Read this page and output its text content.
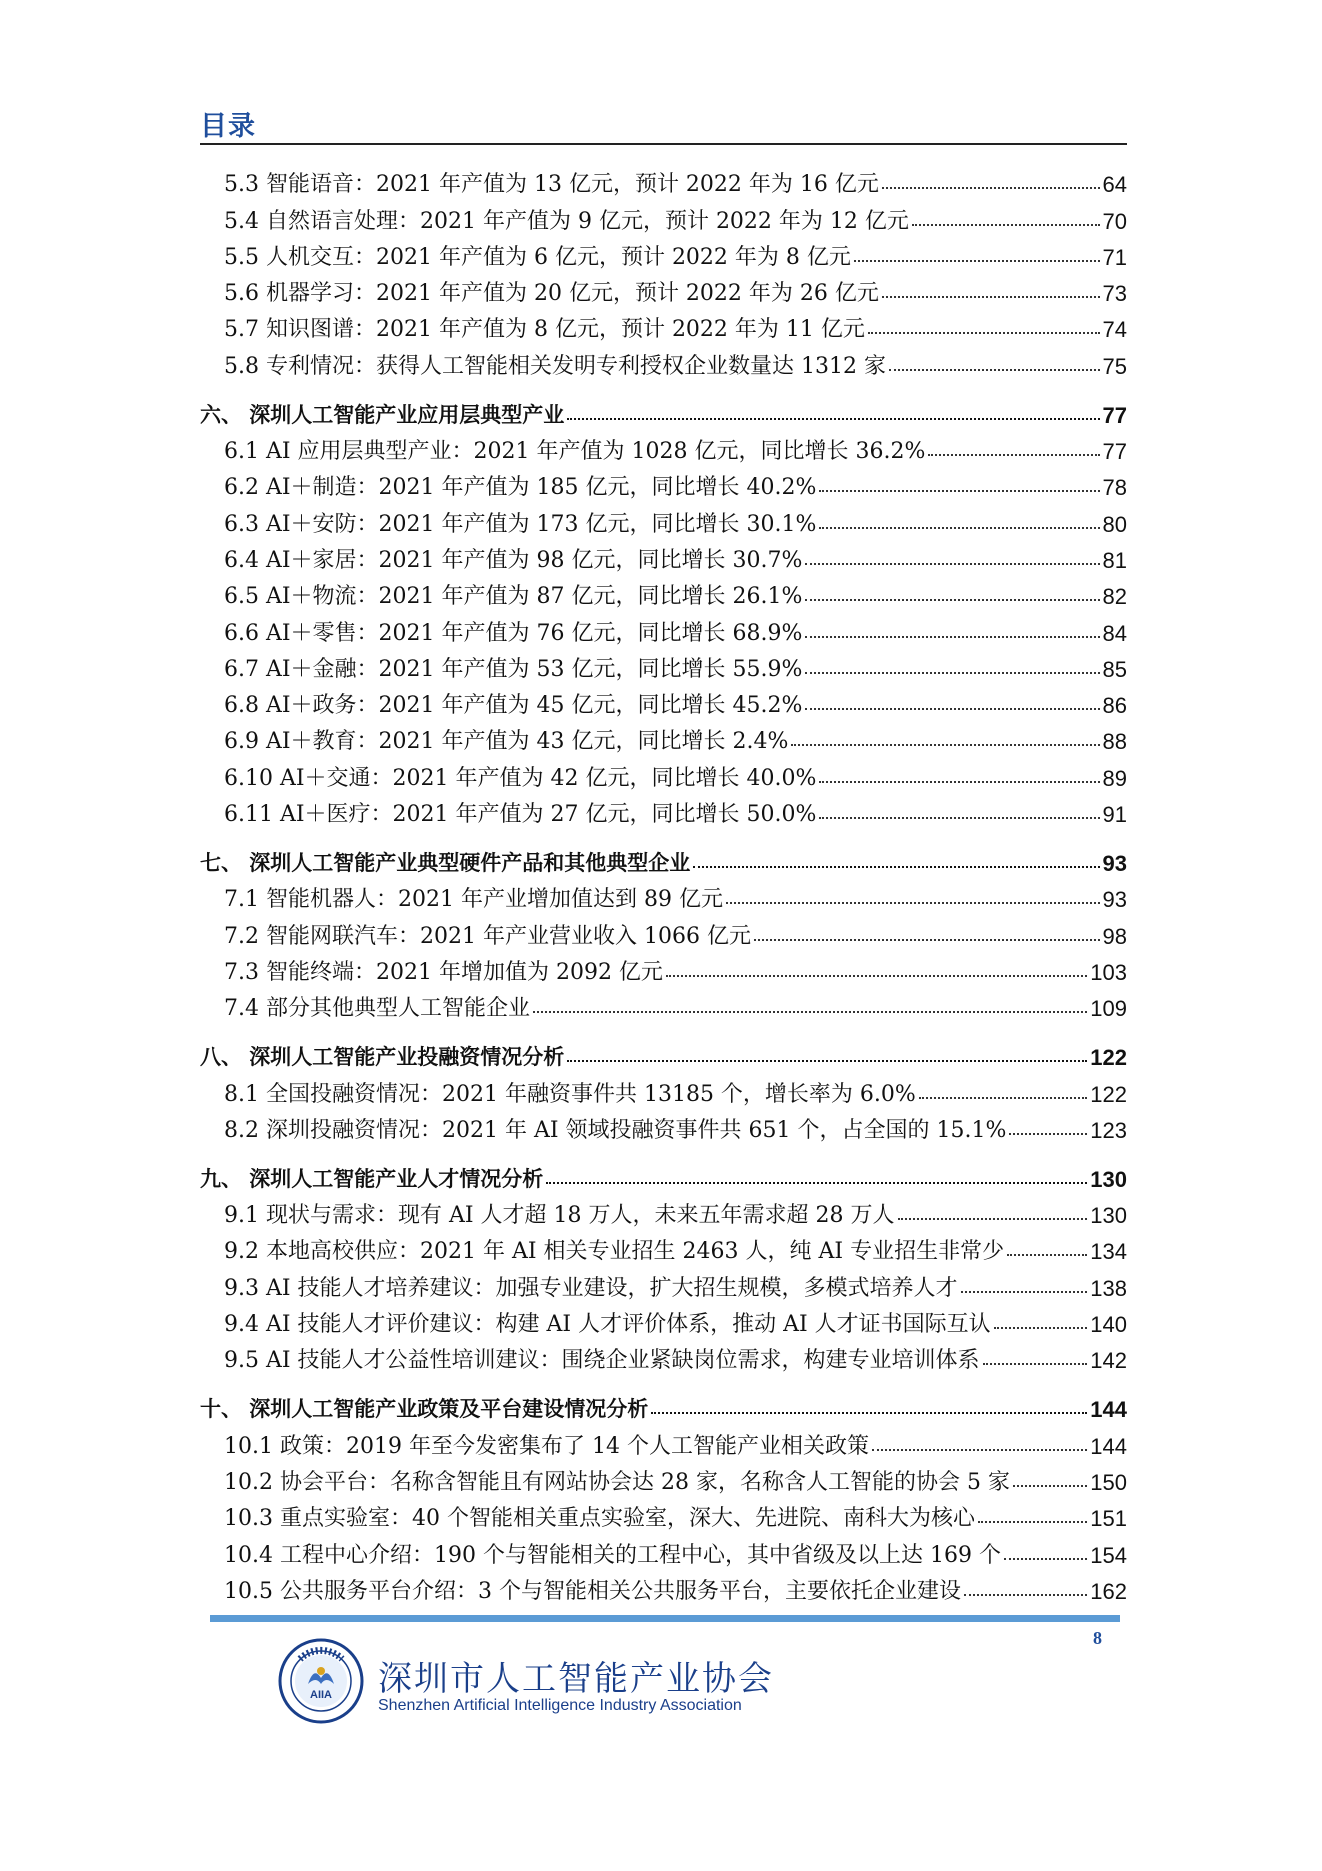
目录
5.3 智能语音：2021 年产值为 13 亿元，预计 2022 年为 16 亿元	64
5.4 自然语言处理：2021 年产值为 9 亿元，预计 2022 年为 12 亿元	70
5.5 人机交互：2021 年产值为 6 亿元，预计 2022 年为 8 亿元	71
5.6 机器学习：2021 年产值为 20 亿元，预计 2022 年为 26 亿元	73
5.7 知识图谱：2021 年产值为 8 亿元，预计 2022 年为 11 亿元	74
5.8 专利情况：获得人工智能相关发明专利授权企业数量达 1312 家	75
六、 深圳人工智能产业应用层典型产业	77
6.1 AI 应用层典型产业：2021 年产值为 1028 亿元，同比增长 36.2%	77
6.2 AI＋制造：2021 年产值为 185 亿元，同比增长 40.2%	78
6.3 AI＋安防：2021 年产值为 173 亿元，同比增长 30.1%	80
6.4 AI＋家居：2021 年产值为 98 亿元，同比增长 30.7%	81
6.5 AI＋物流：2021 年产值为 87 亿元，同比增长 26.1%	82
6.6 AI＋零售：2021 年产值为 76 亿元，同比增长 68.9%	84
6.7 AI＋金融：2021 年产值为 53 亿元，同比增长 55.9%	85
6.8 AI＋政务：2021 年产值为 45 亿元，同比增长 45.2%	86
6.9 AI＋教育：2021 年产值为 43 亿元，同比增长 2.4%	88
6.10 AI＋交通：2021 年产值为 42 亿元，同比增长 40.0%	89
6.11 AI＋医疗：2021 年产值为 27 亿元，同比增长 50.0%	91
七、 深圳人工智能产业典型硬件产品和其他典型企业	93
7.1 智能机器人：2021 年产业增加值达到 89 亿元	93
7.2 智能网联汽车：2021 年产业营业收入 1066 亿元	98
7.3 智能终端：2021 年增加值为 2092 亿元	103
7.4 部分其他典型人工智能企业	109
八、 深圳人工智能产业投融资情况分析	122
8.1 全国投融资情况：2021 年融资事件共 13185 个，增长率为 6.0%	122
8.2 深圳投融资情况：2021 年 AI 领域投融资事件共 651 个，占全国的 15.1%	123
九、 深圳人工智能产业人才情况分析	130
9.1 现状与需求：现有 AI 人才超 18 万人，未来五年需求超 28 万人	130
9.2 本地高校供应：2021 年 AI 相关专业招生 2463 人，纯 AI 专业招生非常少	134
9.3 AI 技能人才培养建议：加强专业建设，扩大招生规模，多模式培养人才	138
9.4 AI 技能人才评价建议：构建 AI 人才评价体系，推动 AI 人才证书国际互认	140
9.5 AI 技能人才公益性培训建议：围绕企业紧缺岗位需求，构建专业培训体系	142
十、 深圳人工智能产业政策及平台建设情况分析	144
10.1 政策：2019 年至今发密集布了 14 个人工智能产业相关政策	144
10.2 协会平台：名称含智能且有网站协会达 28 家，名称含人工智能的协会 5 家	150
10.3 重点实验室：40 个智能相关重点实验室，深大、先进院、南科大为核心	151
10.4 工程中心介绍：190 个与智能相关的工程中心，其中省级及以上达 169 个	154
10.5 公共服务平台介绍：3 个与智能相关公共服务平台，主要依托企业建设	162
8
AIIA 深圳市人工智能产业协会
Shenzhen Artificial Intelligence Industry Association
